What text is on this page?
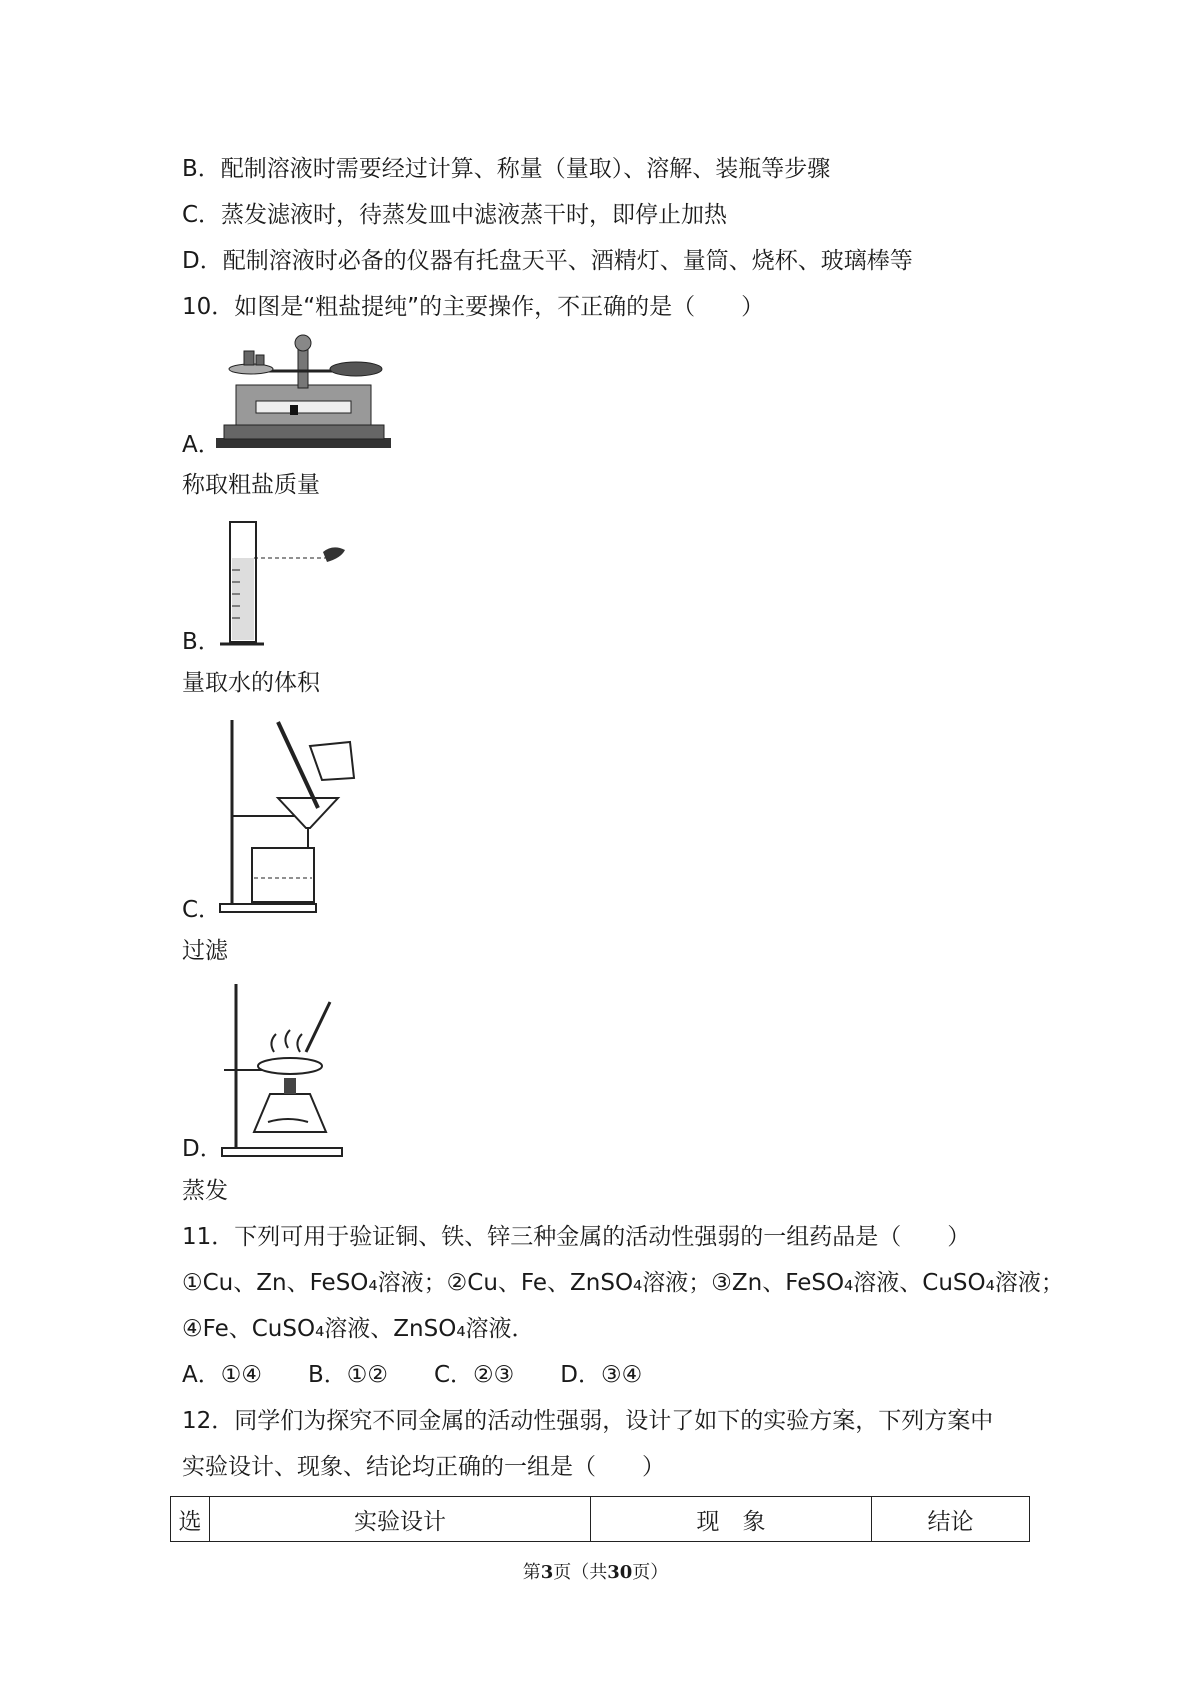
B．配制溶液时需要经过计算、称量（量取）、溶解、装瓶等步骤
C．蒸发滤液时，待蒸发皿中滤液蒸干时，即停止加热
D．配制溶液时必备的仪器有托盘天平、酒精灯、量筒、烧杯、玻璃棒等
10．如图是“粗盐提纯”的主要操作，不正确的是（　　）
A．
称取粗盐质量
B．
量取水的体积
C．
过滤
D．
蒸发
11．下列可用于验证铜、铁、锌三种金属的活动性强弱的一组药品是（　　）
①Cu、Zn、FeSO₄溶液；②Cu、Fe、ZnSO₄溶液；③Zn、FeSO₄溶液、CuSO₄溶液；
④Fe、CuSO₄溶液、ZnSO₄溶液．
A．①④　　B．①②　　C．②③　　D．③④
12．同学们为探究不同金属的活动性强弱，设计了如下的实验方案，下列方案中
实验设计、现象、结论均正确的一组是（　　）
选	实验设计	现　象	结论
第3页（共30页）
